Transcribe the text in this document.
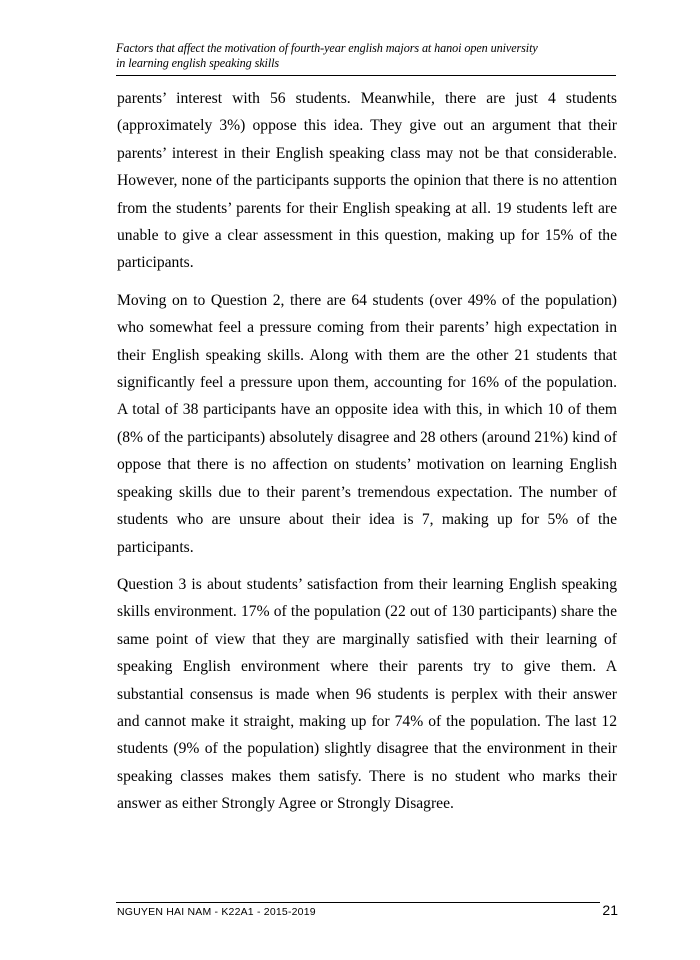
Factors that affect the motivation of fourth-year english majors at hanoi open university
in learning english speaking skills

parents’ interest with 56 students. Meanwhile, there are just 4 students (approximately 3%) oppose this idea. They give out an argument that their parents’ interest in their English speaking class may not be that considerable. However, none of the participants supports the opinion that there is no attention from the students’ parents for their English speaking at all. 19 students left are unable to give a clear assessment in this question, making up for 15% of the participants.

Moving on to Question 2, there are 64 students (over 49% of the population) who somewhat feel a pressure coming from their parents’ high expectation in their English speaking skills. Along with them are the other 21 students that significantly feel a pressure upon them, accounting for 16% of the population. A total of 38 participants have an opposite idea with this, in which 10 of them (8% of the participants) absolutely disagree and 28 others (around 21%) kind of oppose that there is no affection on students’ motivation on learning English speaking skills due to their parent’s tremendous expectation. The number of students who are unsure about their idea is 7, making up for 5% of the participants.

Question 3 is about students’ satisfaction from their learning English speaking skills environment. 17% of the population (22 out of 130 participants) share the same point of view that they are marginally satisfied with their learning of speaking English environment where their parents try to give them. A substantial consensus is made when 96 students is perplex with their answer and cannot make it straight, making up for 74% of the population. The last 12 students (9% of the population) slightly disagree that the environment in their speaking classes makes them satisfy. There is no student who marks their answer as either Strongly Agree or Strongly Disagree.

NGUYEN HAI NAM - K22A1 - 2015-2019	21
